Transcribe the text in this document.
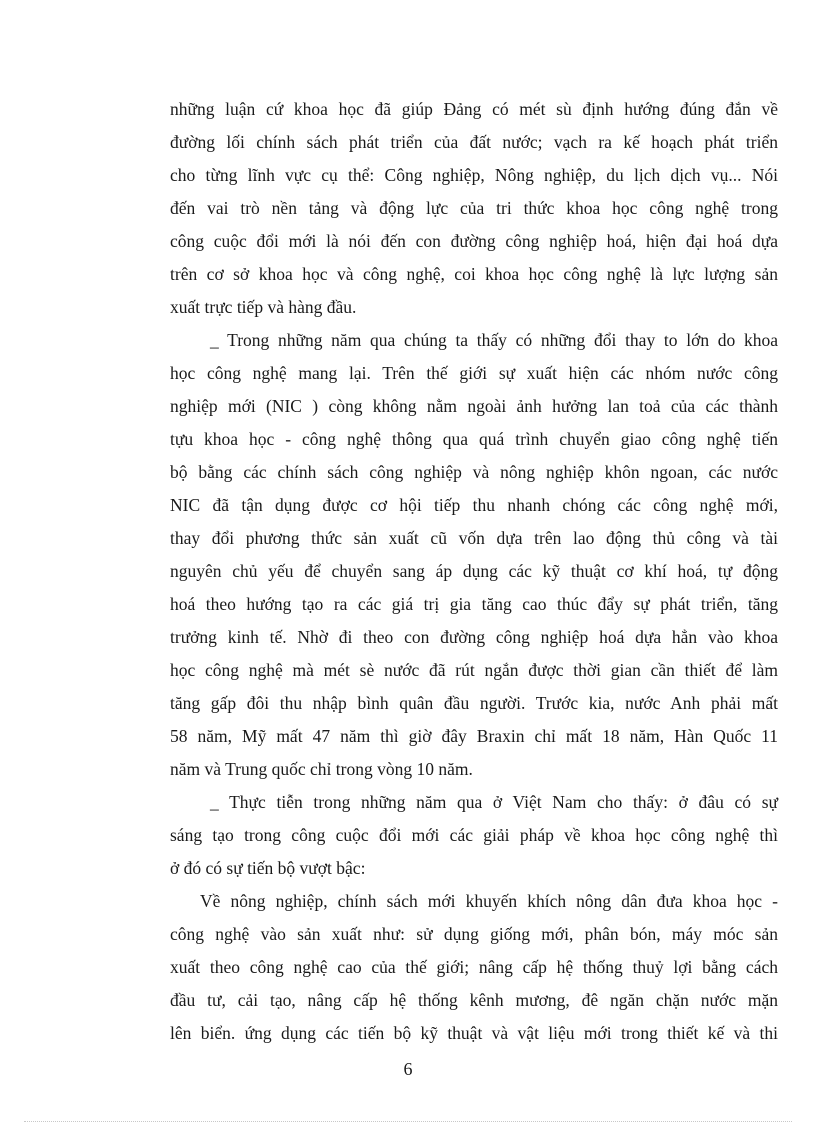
những luận cứ khoa học đã giúp Đảng có mét sù định hướng đúng đắn về
đường lối chính sách phát triển của đất nước; vạch ra kế hoạch phát triển
cho từng lĩnh vực cụ thể: Công nghiệp, Nông nghiệp, du lịch dịch vụ... Nói
đến vai trò nền tảng và động lực của tri thức khoa học công nghệ trong
công cuộc đổi mới là nói đến con đường công nghiệp hoá, hiện đại hoá dựa
trên cơ sở khoa học và công nghệ, coi khoa học công nghệ là lực lượng sản
xuất trực tiếp và hàng đầu.
_ Trong những năm qua chúng ta thấy có những đổi thay to lớn do khoa
học công nghệ mang lại. Trên thế giới sự xuất hiện các nhóm nước công
nghiệp mới (NIC ) còng không nằm ngoài ảnh hưởng lan toả của các thành
tựu khoa học - công nghệ thông qua quá trình chuyển giao công nghệ tiến
bộ bằng các chính sách công nghiệp và nông nghiệp khôn ngoan, các nước
NIC đã tận dụng được cơ hội tiếp thu nhanh chóng các công nghệ mới,
thay đổi phương thức sản xuất cũ vốn dựa trên lao động thủ công và tài
nguyên chủ yếu để chuyển sang áp dụng các kỹ thuật cơ khí hoá, tự động
hoá theo hướng tạo ra các giá trị gia tăng cao thúc đẩy sự phát triển, tăng
trưởng kinh tế. Nhờ đi theo con đường công nghiệp hoá dựa hẳn vào khoa
học công nghệ mà mét sè nước đã rút ngắn được thời gian cần thiết để làm
tăng gấp đôi thu nhập bình quân đầu người. Trước kia, nước Anh phải mất
58 năm, Mỹ mất 47 năm thì giờ đây Braxin chỉ mất 18 năm, Hàn Quốc 11
năm và Trung quốc chỉ trong vòng 10 năm.
_ Thực tiễn trong những năm qua ở Việt Nam cho thấy: ở đâu có sự
sáng tạo trong công cuộc đổi mới các giải pháp về khoa học công nghệ thì
ở đó có sự tiến bộ vượt bậc:
Về nông nghiệp, chính sách mới khuyến khích nông dân đưa khoa học -
công nghệ vào sản xuất như: sử dụng giống mới, phân bón, máy móc sản
xuất theo công nghệ cao của thế giới; nâng cấp hệ thống thuỷ lợi bằng cách
đầu tư, cải tạo, nâng cấp hệ thống kênh mương, đê ngăn chặn nước mặn
lên biển. ứng dụng các tiến bộ kỹ thuật và vật liệu mới trong thiết kế và thi
6
